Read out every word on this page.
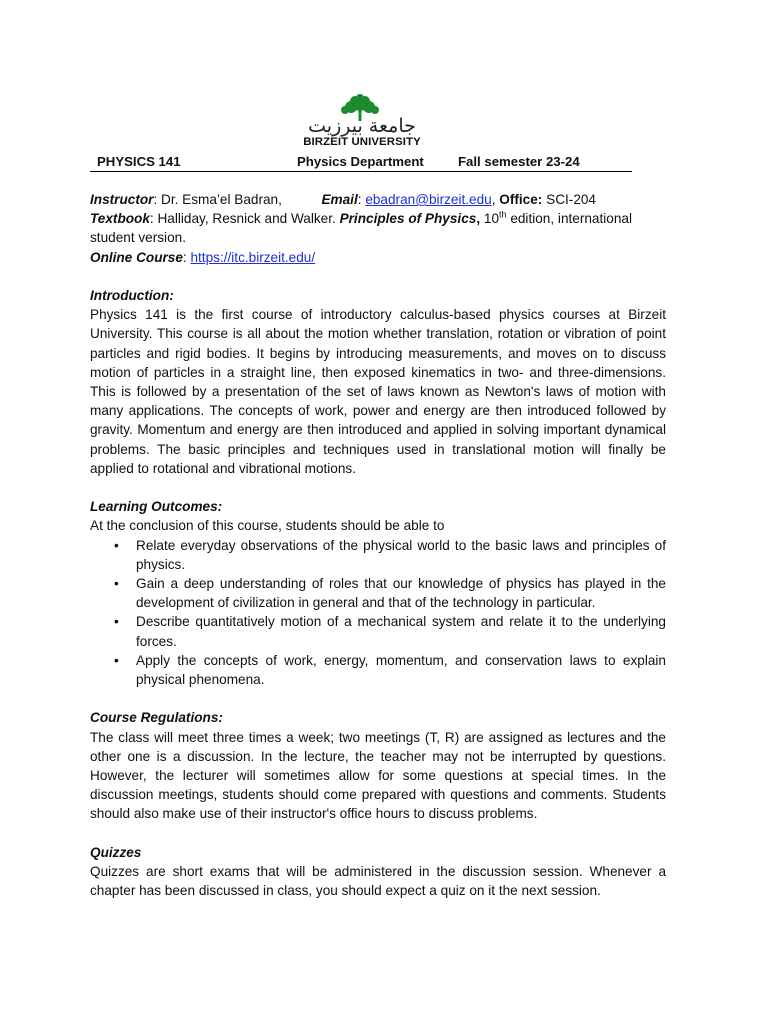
جامعة بيرزيت
BIRZEIT UNIVERSITY
PHYSICS 141	Physics Department	Fall semester 23-24
Instructor: Dr. Esma’el Badran,	Email: ebadran@birzeit.edu, Office: SCI-204
Textbook: Halliday, Resnick and Walker. Principles of Physics, 10th edition, international
student version.
Online Course: https://itc.birzeit.edu/
Introduction:
Physics 141 is the first course of introductory calculus-based physics courses at Birzeit University. This course is all about the motion whether translation, rotation or vibration of point particles and rigid bodies. It begins by introducing measurements, and moves on to discuss motion of particles in a straight line, then exposed kinematics in two- and three-dimensions. This is followed by a presentation of the set of laws known as Newton's laws of motion with many applications. The concepts of work, power and energy are then introduced followed by gravity. Momentum and energy are then introduced and applied in solving important dynamical problems. The basic principles and techniques used in translational motion will finally be applied to rotational and vibrational motions.
Learning Outcomes:
At the conclusion of this course, students should be able to
• Relate everyday observations of the physical world to the basic laws and principles of physics.
• Gain a deep understanding of roles that our knowledge of physics has played in the development of civilization in general and that of the technology in particular.
• Describe quantitatively motion of a mechanical system and relate it to the underlying forces.
• Apply the concepts of work, energy, momentum, and conservation laws to explain physical phenomena.
Course Regulations:
The class will meet three times a week; two meetings (T, R) are assigned as lectures and the other one is a discussion. In the lecture, the teacher may not be interrupted by questions. However, the lecturer will sometimes allow for some questions at special times. In the discussion meetings, students should come prepared with questions and comments. Students should also make use of their instructor's office hours to discuss problems.
Quizzes
Quizzes are short exams that will be administered in the discussion session. Whenever a chapter has been discussed in class, you should expect a quiz on it the next session.
